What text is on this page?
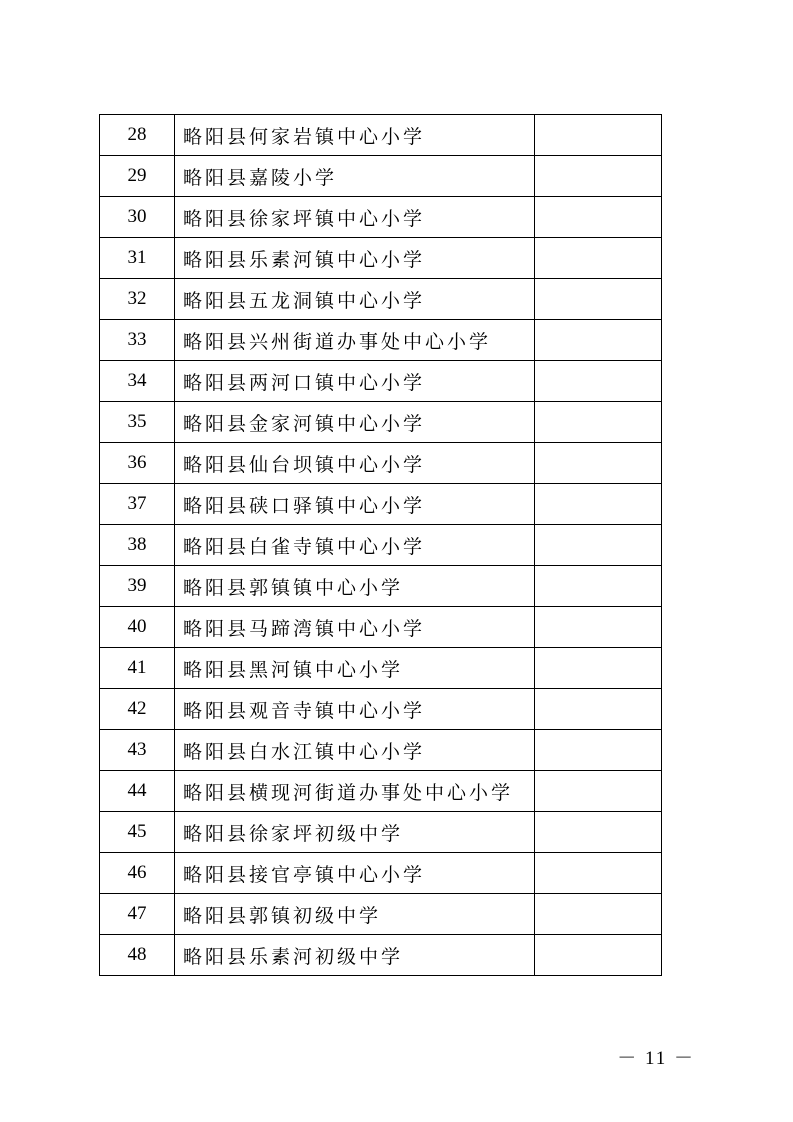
28	略阳县何家岩镇中心小学	
29	略阳县嘉陵小学	
30	略阳县徐家坪镇中心小学	
31	略阳县乐素河镇中心小学	
32	略阳县五龙洞镇中心小学	
33	略阳县兴州街道办事处中心小学	
34	略阳县两河口镇中心小学	
35	略阳县金家河镇中心小学	
36	略阳县仙台坝镇中心小学	
37	略阳县硖口驿镇中心小学	
38	略阳县白雀寺镇中心小学	
39	略阳县郭镇镇中心小学	
40	略阳县马蹄湾镇中心小学	
41	略阳县黑河镇中心小学	
42	略阳县观音寺镇中心小学	
43	略阳县白水江镇中心小学	
44	略阳县横现河街道办事处中心小学	
45	略阳县徐家坪初级中学	
46	略阳县接官亭镇中心小学	
47	略阳县郭镇初级中学	
48	略阳县乐素河初级中学	
－ 11 －
